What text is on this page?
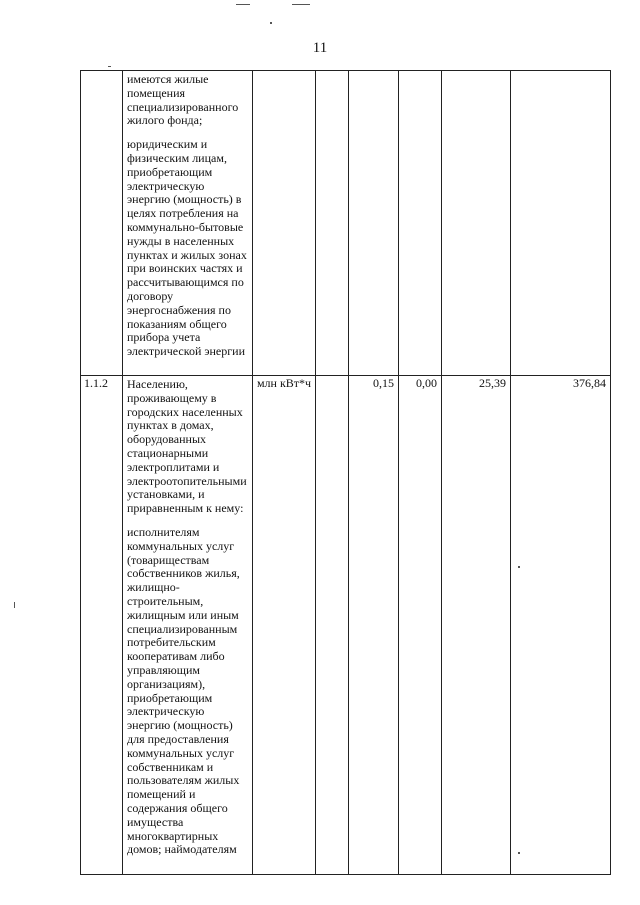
11

	имеются жилые помещения специализированного жилого фонда;

юридическим и физическим лицам, приобретающим электрическую энергию (мощность) в целях потребления на коммунально-бытовые нужды в населенных пунктах и жилых зонах при воинских частях и рассчитывающимся по договору энергоснабжения по показаниям общего прибора учета электрической энергии						

1.1.2	Населению, проживающему в городских населенных пунктах в домах, оборудованных стационарными электроплитами и электроотопительными установками, и приравненным к нему:

исполнителям коммунальных услуг (товариществам собственников жилья, жилищно-строительным, жилищным или иным специализированным потребительским кооперативам либо управляющим организациям), приобретающим электрическую энергию (мощность) для предоставления коммунальных услуг собственникам и пользователям жилых помещений и содержания общего имущества многоквартирных домов; наймодателям	млн кВт*ч		0,15	0,00	25,39	376,84
